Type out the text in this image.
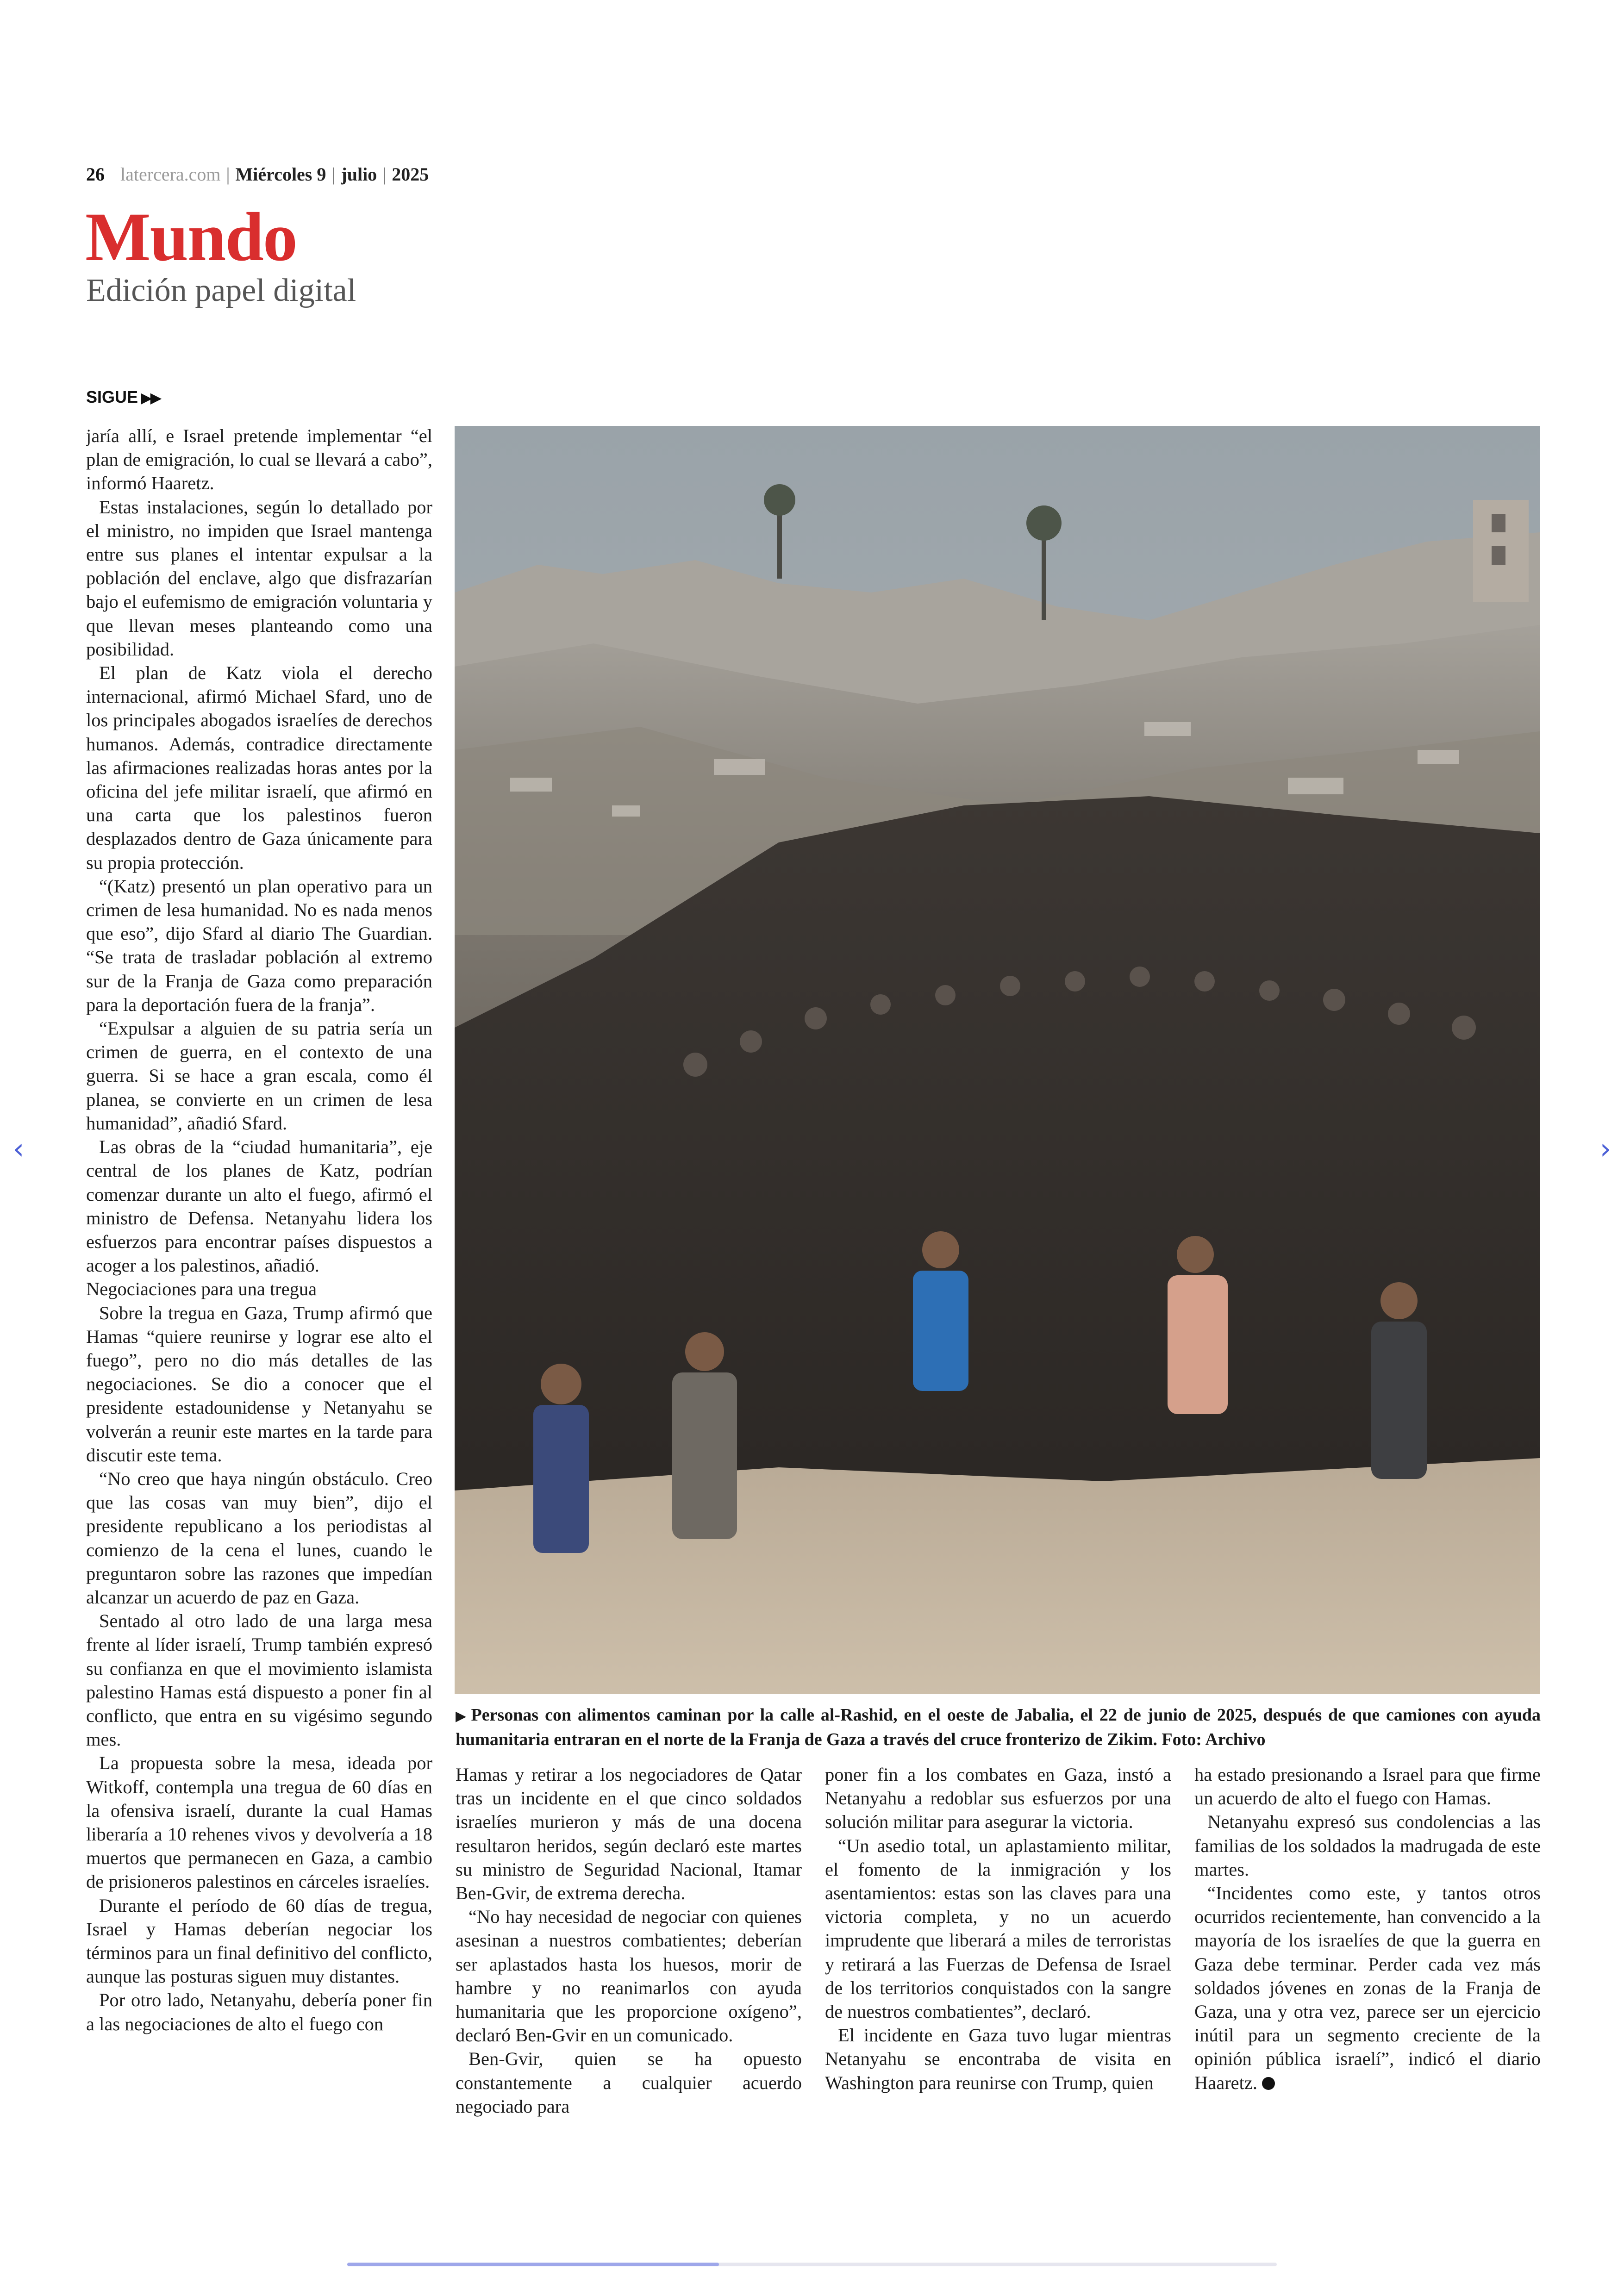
26 latercera.com | Miércoles 9 | julio | 2025
Mundo
Edición papel digital
SIGUE ▶▶

jaría allí, e Israel pretende implementar “el plan de emigración, lo cual se llevará a cabo”, informó Haaretz.

Estas instalaciones, según lo detallado por el ministro, no impiden que Israel mantenga entre sus planes el intentar expulsar a la población del enclave, algo que disfrazarían bajo el eufemismo de emigración voluntaria y que llevan meses planteando como una posibilidad.

El plan de Katz viola el derecho internacional, afirmó Michael Sfard, uno de los principales abogados israelíes de derechos humanos. Además, contradice directamente las afirmaciones realizadas horas antes por la oficina del jefe militar israelí, que afirmó en una carta que los palestinos fueron desplazados dentro de Gaza únicamente para su propia protección.

“(Katz) presentó un plan operativo para un crimen de lesa humanidad. No es nada menos que eso”, dijo Sfard al diario The Guardian. “Se trata de trasladar población al extremo sur de la Franja de Gaza como preparación para la deportación fuera de la franja”.

“Expulsar a alguien de su patria sería un crimen de guerra, en el contexto de una guerra. Si se hace a gran escala, como él planea, se convierte en un crimen de lesa humanidad”, añadió Sfard.

Las obras de la “ciudad humanitaria”, eje central de los planes de Katz, podrían comenzar durante un alto el fuego, afirmó el ministro de Defensa. Netanyahu lidera los esfuerzos para encontrar países dispuestos a acoger a los palestinos, añadió.

Negociaciones para una tregua

Sobre la tregua en Gaza, Trump afirmó que Hamas “quiere reunirse y lograr ese alto el fuego”, pero no dio más detalles de las negociaciones. Se dio a conocer que el presidente estadounidense y Netanyahu se volverán a reunir este martes en la tarde para discutir este tema.

“No creo que haya ningún obstáculo. Creo que las cosas van muy bien”, dijo el presidente republicano a los periodistas al comienzo de la cena el lunes, cuando le preguntaron sobre las razones que impedían alcanzar un acuerdo de paz en Gaza.

Sentado al otro lado de una larga mesa frente al líder israelí, Trump también expresó su confianza en que el movimiento islamista palestino Hamas está dispuesto a poner fin al conflicto, que entra en su vigésimo segundo mes.

La propuesta sobre la mesa, ideada por Witkoff, contempla una tregua de 60 días en la ofensiva israelí, durante la cual Hamas liberaría a 10 rehenes vivos y devolvería a 18 muertos que permanecen en Gaza, a cambio de prisioneros palestinos en cárceles israelíes.

Durante el período de 60 días de tregua, Israel y Hamas deberían negociar los términos para un final definitivo del conflicto, aunque las posturas siguen muy distantes.

Por otro lado, Netanyahu, debería poner fin a las negociaciones de alto el fuego con

▶ Personas con alimentos caminan por la calle al-Rashid, en el oeste de Jabalia, el 22 de junio de 2025, después de que camiones con ayuda humanitaria entraran en el norte de la Franja de Gaza a través del cruce fronterizo de Zikim. Foto: Archivo

Hamas y retirar a los negociadores de Qatar tras un incidente en el que cinco soldados israelíes murieron y más de una docena resultaron heridos, según declaró este martes su ministro de Seguridad Nacional, Itamar Ben-Gvir, de extrema derecha.

“No hay necesidad de negociar con quienes asesinan a nuestros combatientes; deberían ser aplastados hasta los huesos, morir de hambre y no reanimarlos con ayuda humanitaria que les proporcione oxígeno”, declaró Ben-Gvir en un comunicado.

Ben-Gvir, quien se ha opuesto constantemente a cualquier acuerdo negociado para

poner fin a los combates en Gaza, instó a Netanyahu a redoblar sus esfuerzos por una solución militar para asegurar la victoria.

“Un asedio total, un aplastamiento militar, el fomento de la inmigración y los asentamientos: estas son las claves para una victoria completa, y no un acuerdo imprudente que liberará a miles de terroristas y retirará a las Fuerzas de Defensa de Israel de los territorios conquistados con la sangre de nuestros combatientes”, declaró.

El incidente en Gaza tuvo lugar mientras Netanyahu se encontraba de visita en Washington para reunirse con Trump, quien

ha estado presionando a Israel para que firme un acuerdo de alto el fuego con Hamas.

Netanyahu expresó sus condolencias a las familias de los soldados la madrugada de este martes.

“Incidentes como este, y tantos otros ocurridos recientemente, han convencido a la mayoría de los israelíes de que la guerra en Gaza debe terminar. Perder cada vez más soldados jóvenes en zonas de la Franja de Gaza, una y otra vez, parece ser un ejercicio inútil para un segmento creciente de la opinión pública israelí”, indicó el diario Haaretz.

‹	›
